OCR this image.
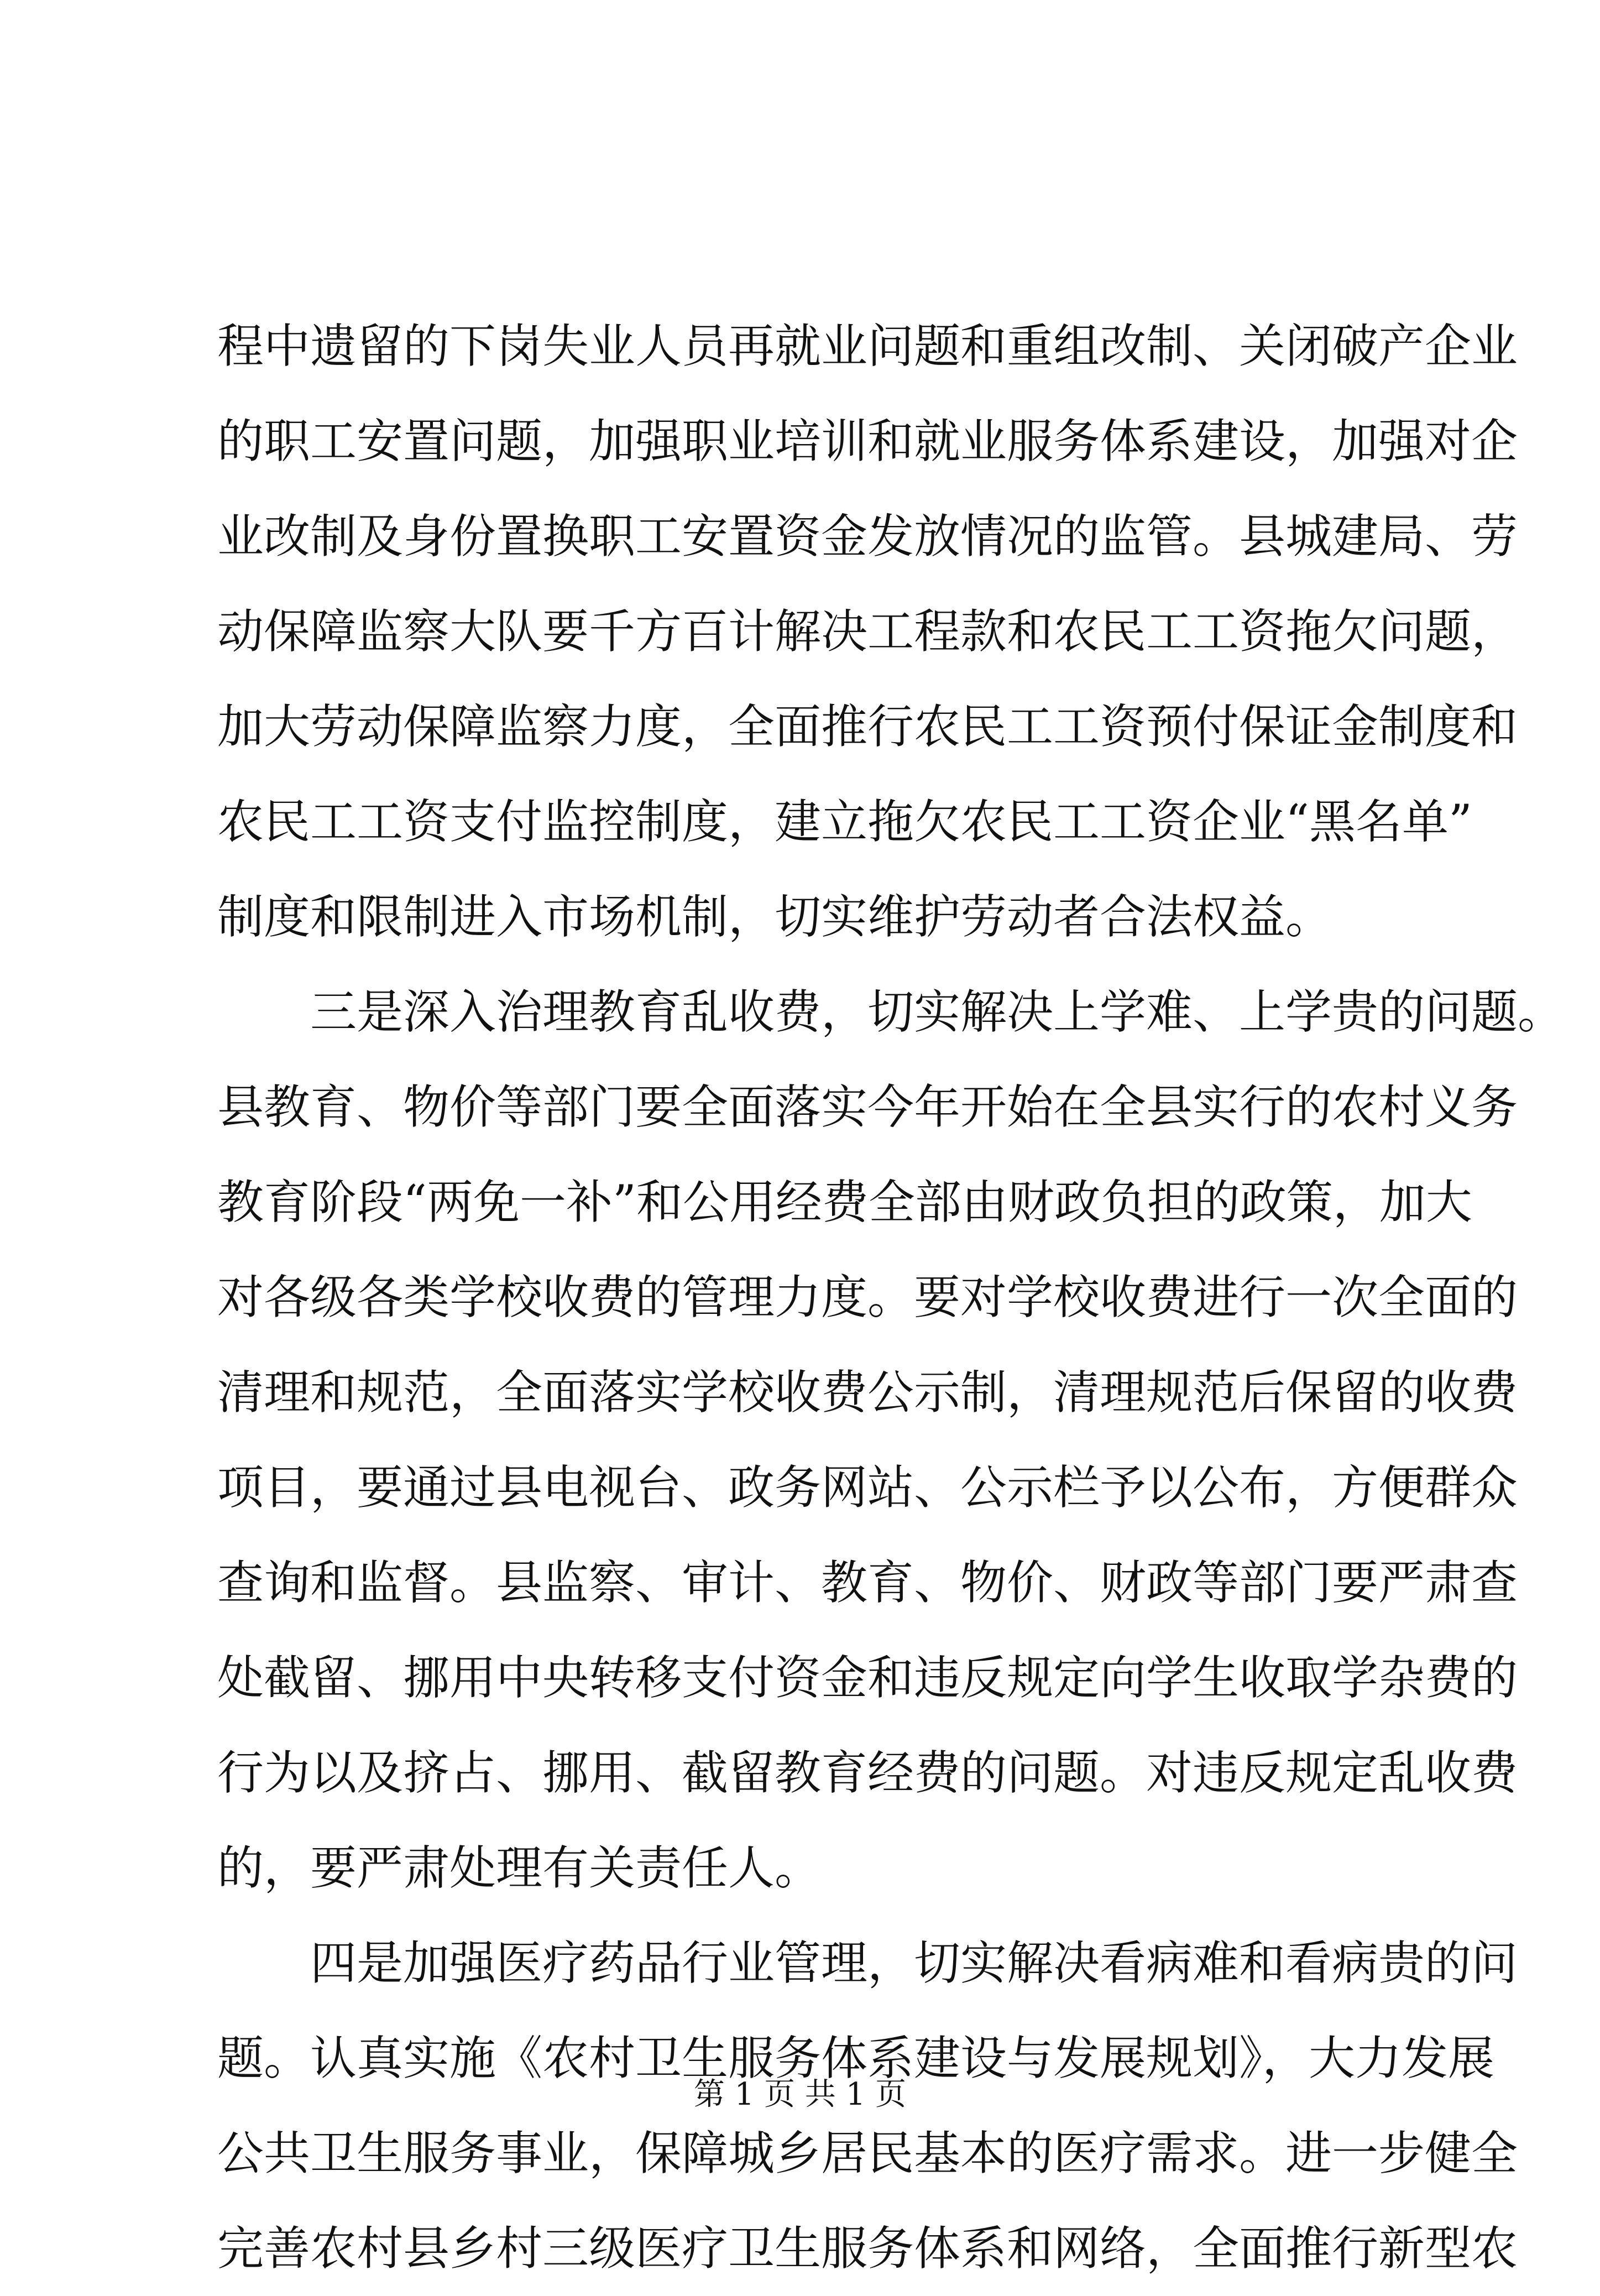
程中遗留的下岗失业人员再就业问题和重组改制、关闭破产企业
的职工安置问题，加强职业培训和就业服务体系建设，加强对企
业改制及身份置换职工安置资金发放情况的监管。县城建局、劳
动保障监察大队要千方百计解决工程款和农民工工资拖欠问题，
加大劳动保障监察力度，全面推行农民工工资预付保证金制度和
农民工工资支付监控制度，建立拖欠农民工工资企业“黑名单”
制度和限制进入市场机制，切实维护劳动者合法权益。
三是深入治理教育乱收费，切实解决上学难、上学贵的问题。
县教育、物价等部门要全面落实今年开始在全县实行的农村义务
教育阶段“两免一补”和公用经费全部由财政负担的政策，加大
对各级各类学校收费的管理力度。要对学校收费进行一次全面的
清理和规范，全面落实学校收费公示制，清理规范后保留的收费
项目，要通过县电视台、政务网站、公示栏予以公布，方便群众
查询和监督。县监察、审计、教育、物价、财政等部门要严肃查
处截留、挪用中央转移支付资金和违反规定向学生收取学杂费的
行为以及挤占、挪用、截留教育经费的问题。对违反规定乱收费
的，要严肃处理有关责任人。
四是加强医疗药品行业管理，切实解决看病难和看病贵的问
题。认真实施《农村卫生服务体系建设与发展规划》，大力发展
公共卫生服务事业，保障城乡居民基本的医疗需求。进一步健全
完善农村县乡村三级医疗卫生服务体系和网络，全面推行新型农
第 1 页 共 1 页
